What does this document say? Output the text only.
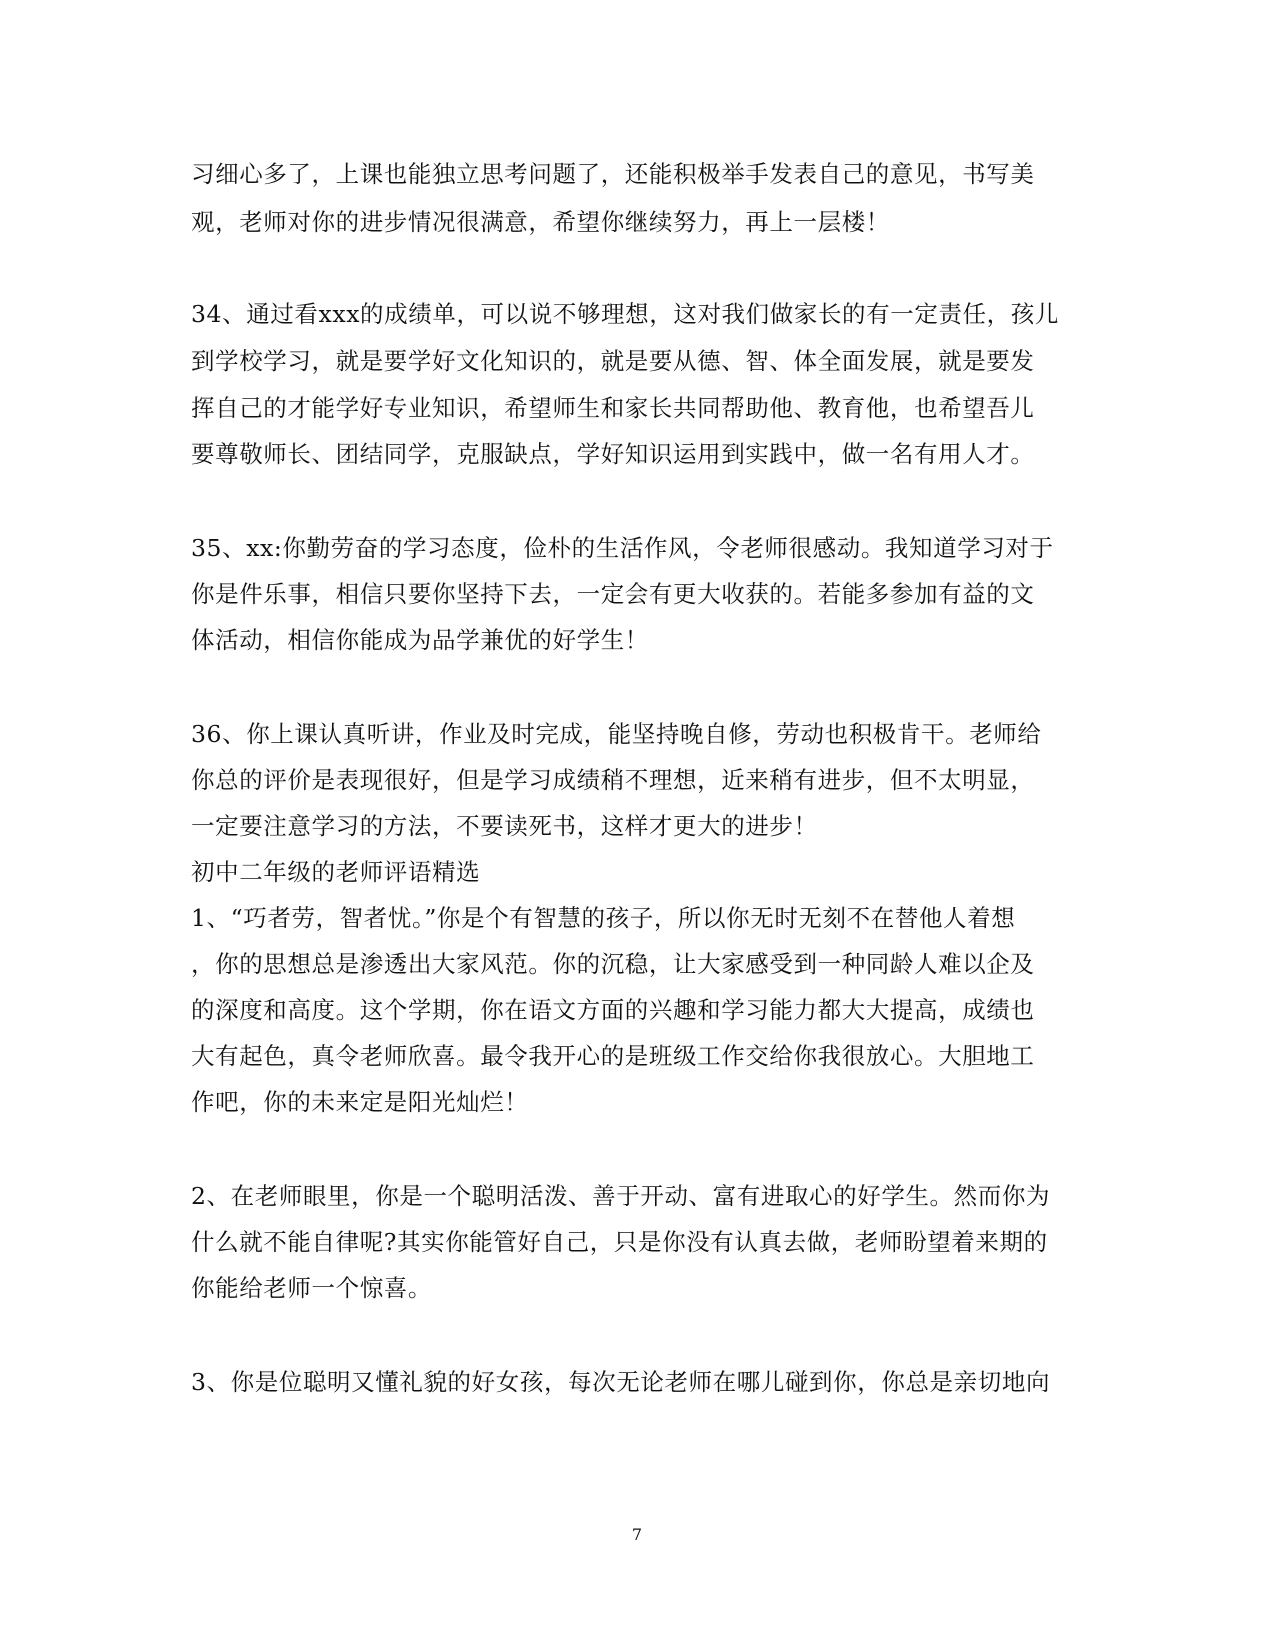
习细心多了，上课也能独立思考问题了，还能积极举手发表自己的意见，书写美
观，老师对你的进步情况很满意，希望你继续努力，再上一层楼！
34、通过看xxx的成绩单，可以说不够理想，这对我们做家长的有一定责任，孩儿
到学校学习，就是要学好文化知识的，就是要从德、智、体全面发展，就是要发
挥自己的才能学好专业知识，希望师生和家长共同帮助他、教育他，也希望吾儿
要尊敬师长、团结同学，克服缺点，学好知识运用到实践中，做一名有用人才。
35、xx:你勤劳奋的学习态度，俭朴的生活作风，令老师很感动。我知道学习对于
你是件乐事，相信只要你坚持下去，一定会有更大收获的。若能多参加有益的文
体活动，相信你能成为品学兼优的好学生！
36、你上课认真听讲，作业及时完成，能坚持晚自修，劳动也积极肯干。老师给
你总的评价是表现很好，但是学习成绩稍不理想，近来稍有进步，但不太明显，
一定要注意学习的方法，不要读死书，这样才更大的进步！
初中二年级的老师评语精选
1、“巧者劳，智者忧。”你是个有智慧的孩子，所以你无时无刻不在替他人着想
，你的思想总是渗透出大家风范。你的沉稳，让大家感受到一种同龄人难以企及
的深度和高度。这个学期，你在语文方面的兴趣和学习能力都大大提高，成绩也
大有起色，真令老师欣喜。最令我开心的是班级工作交给你我很放心。大胆地工
作吧，你的未来定是阳光灿烂！
2、在老师眼里，你是一个聪明活泼、善于开动、富有进取心的好学生。然而你为
什么就不能自律呢?其实你能管好自己，只是你没有认真去做，老师盼望着来期的
你能给老师一个惊喜。
3、你是位聪明又懂礼貌的好女孩，每次无论老师在哪儿碰到你，你总是亲切地向
7
